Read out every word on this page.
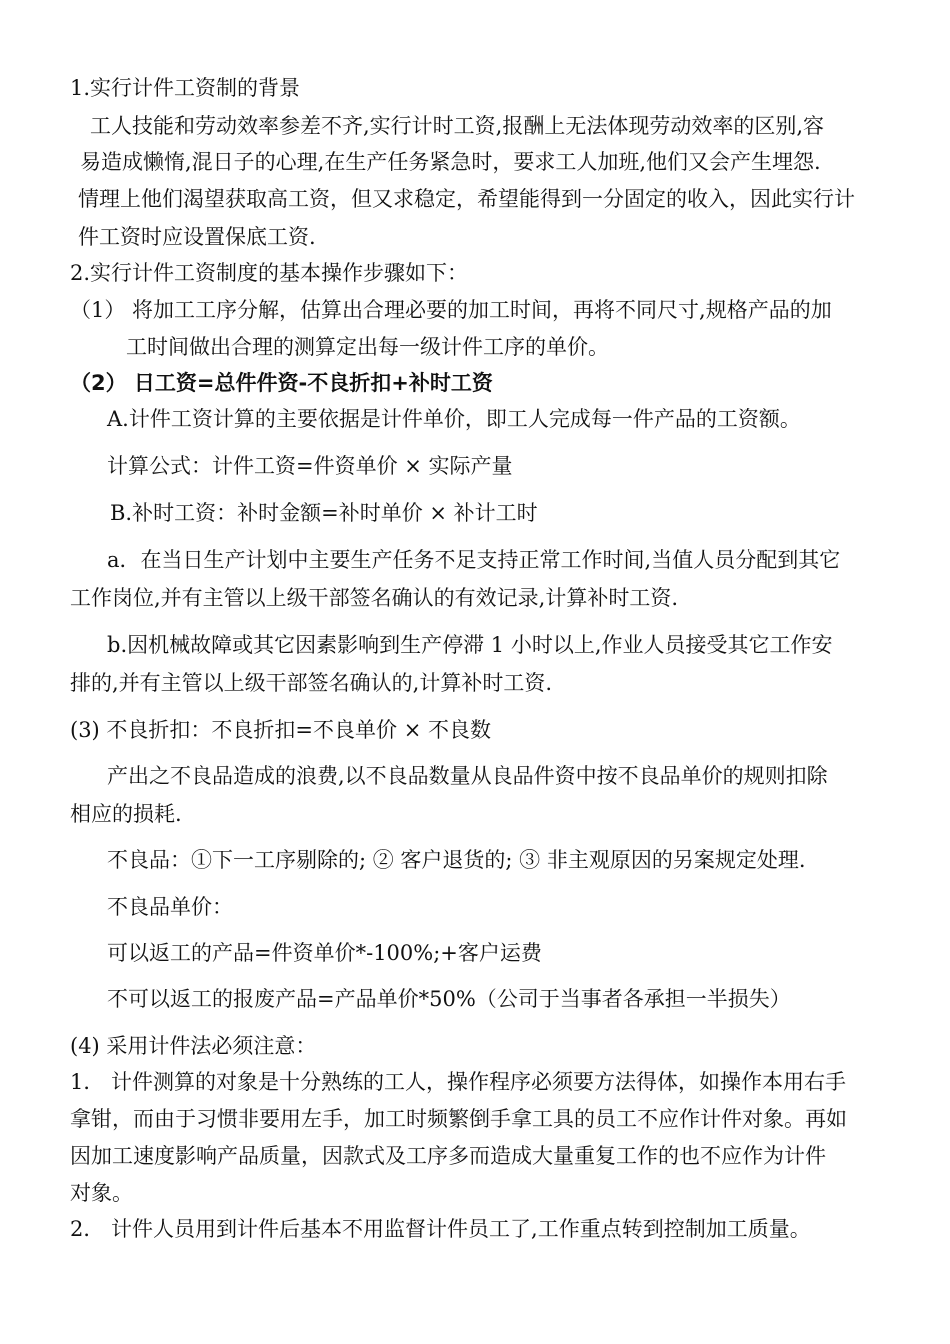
1.实行计件工资制的背景
工人技能和劳动效率参差不齐,实行计时工资,报酬上无法体现劳动效率的区别,容
易造成懒惰,混日子的心理,在生产任务紧急时，要求工人加班,他们又会产生埋怨.
情理上他们渴望获取高工资，但又求稳定，希望能得到一分固定的收入，因此实行计
件工资时应设置保底工资.
2.实行计件工资制度的基本操作步骤如下：
（1） 将加工工序分解，估算出合理必要的加工时间，再将不同尺寸,规格产品的加
工时间做出合理的测算定出每一级计件工序的单价。
（2） 日工资=总件件资-不良折扣+补时工资
A.计件工资计算的主要依据是计件单价，即工人完成每一件产品的工资额。
计算公式：计件工资=件资单价 × 实际产量
B.补时工资：补时金额=补时单价 × 补计工时
a．在当日生产计划中主要生产任务不足支持正常工作时间,当值人员分配到其它
工作岗位,并有主管以上级干部签名确认的有效记录,计算补时工资.
b.因机械故障或其它因素影响到生产停滞 1 小时以上,作业人员接受其它工作安
排的,并有主管以上级干部签名确认的,计算补时工资.
(3) 不良折扣：不良折扣=不良单价 × 不良数
产出之不良品造成的浪费,以不良品数量从良品件资中按不良品单价的规则扣除
相应的损耗.
不良品：①下一工序剔除的; ② 客户退货的; ③ 非主观原因的另案规定处理.
不良品单价：
可以返工的产品=件资单价*-100%;+客户运费
不可以返工的报废产品=产品单价*50%（公司于当事者各承担一半损失）
(4) 采用计件法必须注意：
1． 计件测算的对象是十分熟练的工人，操作程序必须要方法得体，如操作本用右手
拿钳，而由于习惯非要用左手，加工时频繁倒手拿工具的员工不应作计件对象。再如
因加工速度影响产品质量，因款式及工序多而造成大量重复工作的也不应作为计件
对象。
2． 计件人员用到计件后基本不用监督计件员工了,工作重点转到控制加工质量。
